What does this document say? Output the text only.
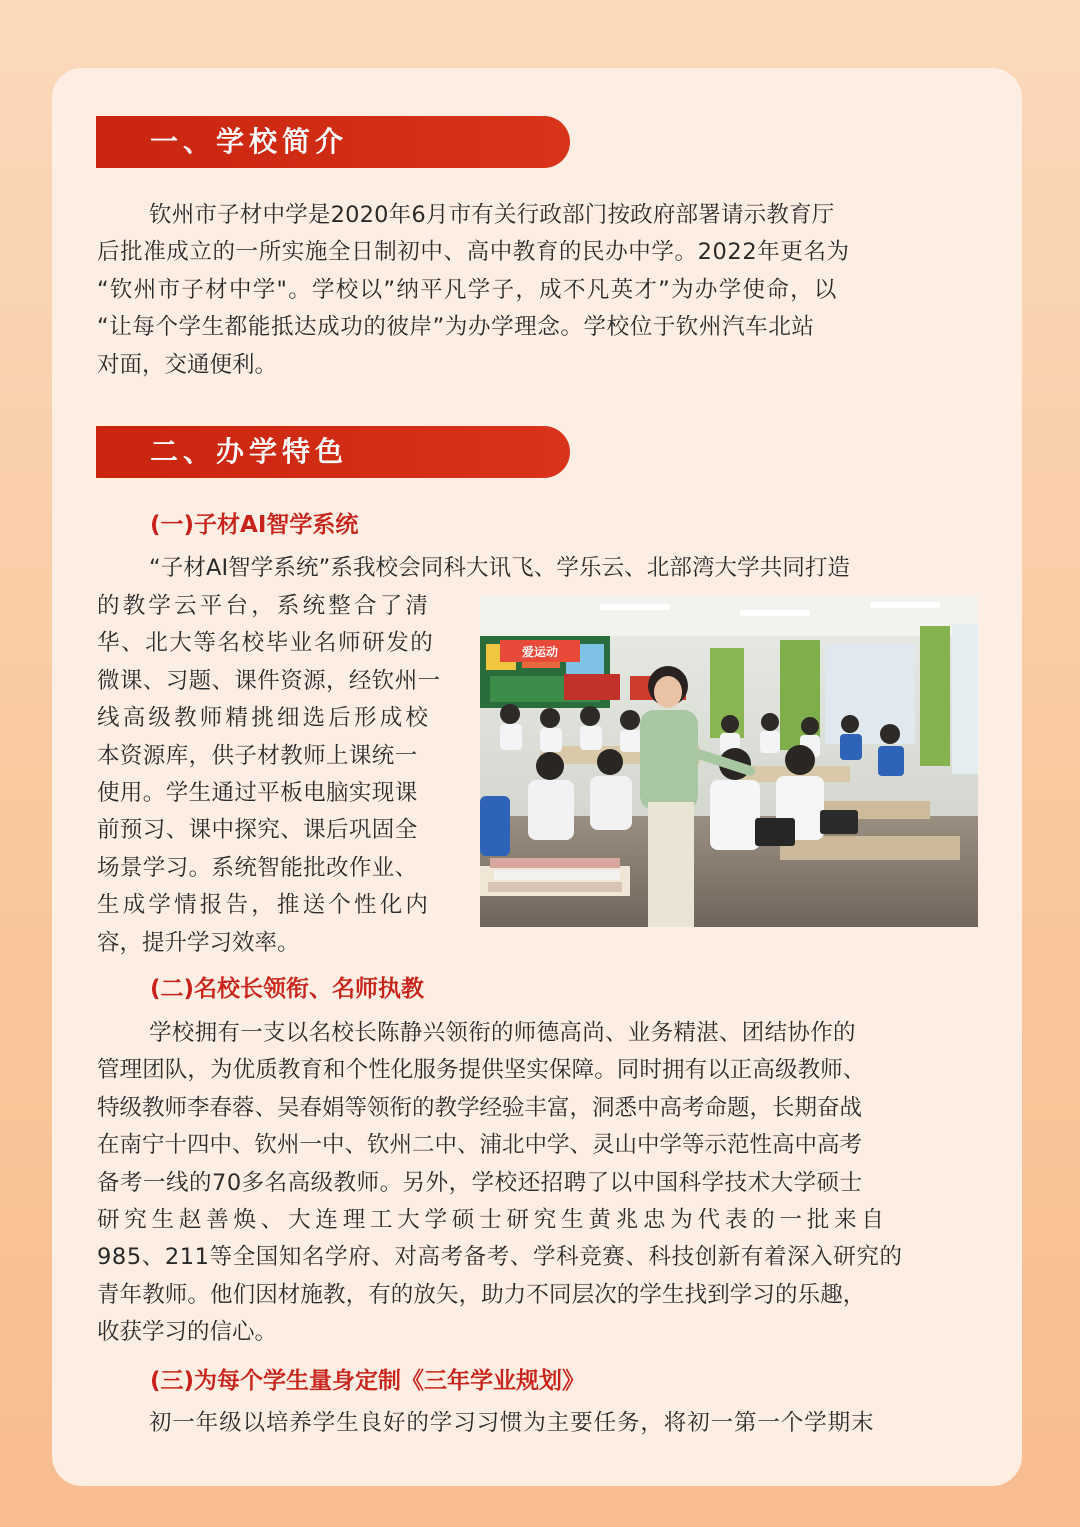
一、学校简介
钦州市子材中学是2020年6月市有关行政部门按政府部署请示教育厅
后批准成立的一所实施全日制初中、高中教育的民办中学。2022年更名为
“钦州市子材中学"。学校以”纳平凡学子，成不凡英才”为办学使命，以
“让每个学生都能抵达成功的彼岸”为办学理念。学校位于钦州汽车北站
对面，交通便利。
二、办学特色

(一)子材AI智学系统

“子材AI智学系统”系我校会同科大讯飞、学乐云、北部湾大学共同打造
的教学云平台，系统整合了清
华、北大等名校毕业名师研发的
微课、习题、课件资源，经钦州一
线高级教师精挑细选后形成校
本资源库，供子材教师上课统一
使用。学生通过平板电脑实现课
前预习、课中探究、课后巩固全
场景学习。系统智能批改作业、
生成学情报告，推送个性化内
容，提升学习效率。
爱运动

(二)名校长领衔、名师执教

学校拥有一支以名校长陈静兴领衔的师德高尚、业务精湛、团结协作的
管理团队，为优质教育和个性化服务提供坚实保障。同时拥有以正高级教师、
特级教师李春蓉、吴春娟等领衔的教学经验丰富，洞悉中高考命题，长期奋战
在南宁十四中、钦州一中、钦州二中、浦北中学、灵山中学等示范性高中高考
备考一线的70多名高级教师。另外，学校还招聘了以中国科学技术大学硕士
研究生赵善焕、大连理工大学硕士研究生黄兆忠为代表的一批来自
985、211等全国知名学府、对高考备考、学科竞赛、科技创新有着深入研究的
青年教师。他们因材施教，有的放矢，助力不同层次的学生找到学习的乐趣，
收获学习的信心。

(三)为每个学生量身定制《三年学业规划》

初一年级以培养学生良好的学习习惯为主要任务，将初一第一个学期末
